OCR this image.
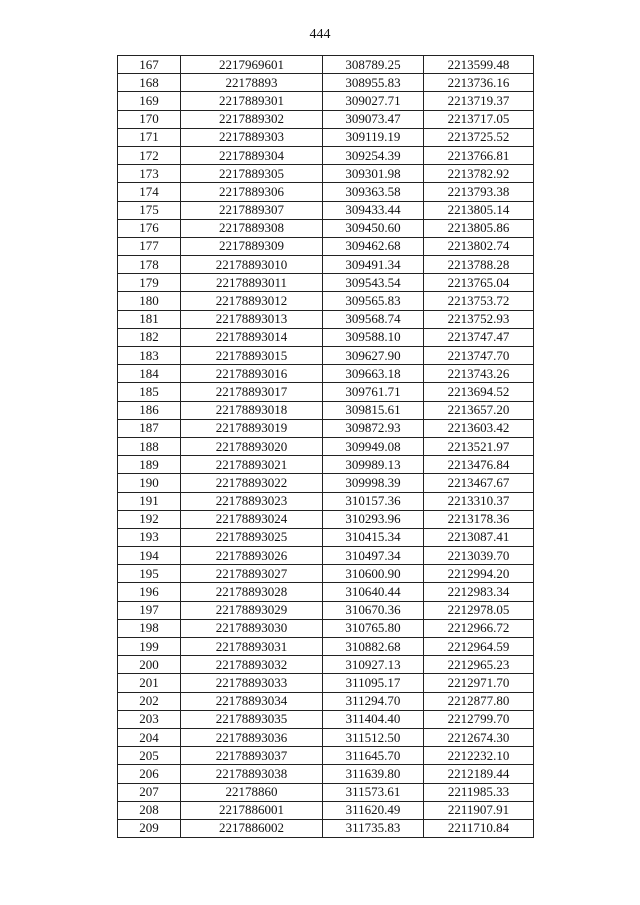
444
167	2217969601	308789.25	2213599.48
168	22178893	308955.83	2213736.16
169	2217889301	309027.71	2213719.37
170	2217889302	309073.47	2213717.05
171	2217889303	309119.19	2213725.52
172	2217889304	309254.39	2213766.81
173	2217889305	309301.98	2213782.92
174	2217889306	309363.58	2213793.38
175	2217889307	309433.44	2213805.14
176	2217889308	309450.60	2213805.86
177	2217889309	309462.68	2213802.74
178	22178893010	309491.34	2213788.28
179	22178893011	309543.54	2213765.04
180	22178893012	309565.83	2213753.72
181	22178893013	309568.74	2213752.93
182	22178893014	309588.10	2213747.47
183	22178893015	309627.90	2213747.70
184	22178893016	309663.18	2213743.26
185	22178893017	309761.71	2213694.52
186	22178893018	309815.61	2213657.20
187	22178893019	309872.93	2213603.42
188	22178893020	309949.08	2213521.97
189	22178893021	309989.13	2213476.84
190	22178893022	309998.39	2213467.67
191	22178893023	310157.36	2213310.37
192	22178893024	310293.96	2213178.36
193	22178893025	310415.34	2213087.41
194	22178893026	310497.34	2213039.70
195	22178893027	310600.90	2212994.20
196	22178893028	310640.44	2212983.34
197	22178893029	310670.36	2212978.05
198	22178893030	310765.80	2212966.72
199	22178893031	310882.68	2212964.59
200	22178893032	310927.13	2212965.23
201	22178893033	311095.17	2212971.70
202	22178893034	311294.70	2212877.80
203	22178893035	311404.40	2212799.70
204	22178893036	311512.50	2212674.30
205	22178893037	311645.70	2212232.10
206	22178893038	311639.80	2212189.44
207	22178860	311573.61	2211985.33
208	2217886001	311620.49	2211907.91
209	2217886002	311735.83	2211710.84
